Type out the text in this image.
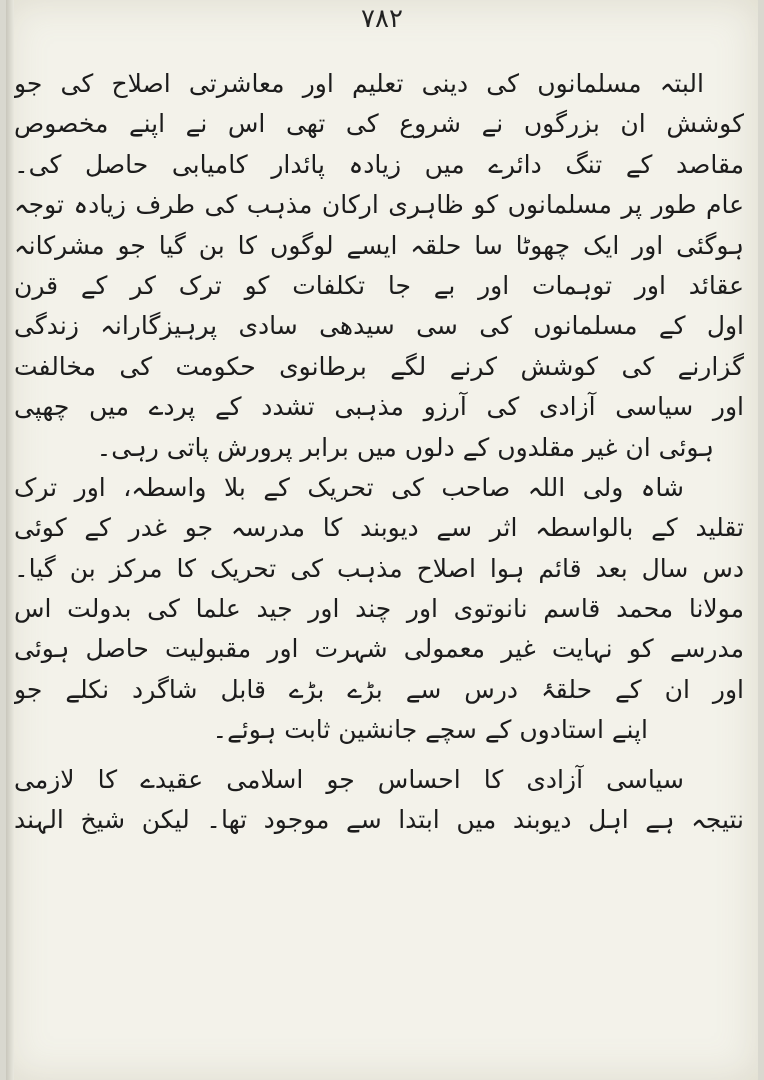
۷۸۲
البتہ مسلمانوں کی دینی تعلیم اور معاشرتی اصلاح کی جو
کوشش ان بزرگوں نے شروع کی تھی اس نے اپنے مخصوص
مقاصد کے تنگ دائرے میں زیادہ پائدار کامیابی حاصل کی۔
عام طور پر مسلمانوں کو ظاہری ارکان مذہب کی طرف زیادہ توجہ
ہوگئی اور ایک چھوٹا سا حلقہ ایسے لوگوں کا بن گیا جو مشرکانہ
عقائد اور توہمات اور بے جا تکلفات کو ترک کر کے قرن
اول کے مسلمانوں کی سی سیدھی سادی پرہیزگارانہ زندگی
گزارنے کی کوشش کرنے لگے برطانوی حکومت کی مخالفت
اور سیاسی آزادی کی آرزو مذہبی تشدد کے پردے میں چھپی
ہوئی ان غیر مقلدوں کے دلوں میں برابر پرورش پاتی رہی۔
شاہ ولی اللہ صاحب کی تحریک کے بلا واسطہ، اور ترک
تقلید کے بالواسطہ اثر سے دیوبند کا مدرسہ جو غدر کے کوئی
دس سال بعد قائم ہوا اصلاح مذہب کی تحریک کا مرکز بن گیا۔
مولانا محمد قاسم نانوتوی اور چند اور جید علما کی بدولت اس
مدرسے کو نہایت غیر معمولی شہرت اور مقبولیت حاصل ہوئی
اور ان کے حلقۂ درس سے بڑے بڑے قابل شاگرد نکلے جو
اپنے استادوں کے سچے جانشین ثابت ہوئے۔
سیاسی آزادی کا احساس جو اسلامی عقیدے کا لازمی
نتیجہ ہے اہل دیوبند میں ابتدا سے موجود تھا۔ لیکن شیخ الہند
